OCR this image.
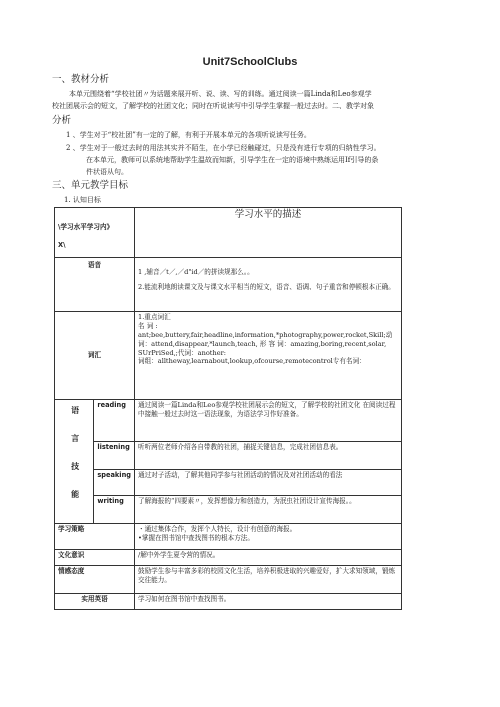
Unit7SchoolClubs
一、教材分析
本单元围绕着“学校社团〃为话题来展开听、说、读、写的训练。通过阅读一篇Linda和Leo参观学
校社团展示会的短文，了解学校的社团文化；同时在听说读写中引导学生掌握一般过去时。二、教学对象
分析
1 、学生对于“校社团”有一定的了解，有利于开展本单元的各项听说读写任务。
2 、学生对于一般过去时的用法其实并不陌生，在小学已经触碰过，只是没有进行专项的归纳性学习。
在本单元，教师可以系统地帮助学生温故而知新，引导学生在一定的语境中熟练运用If引导的条
件状语从句。
三、单元教学目标
1. 认知目标
\学习水平学习内》
X\		学习水平的描述
语音		1 ,辅音／t／,／d"id／的拼读规那么。。
2.能流利地朗读课文及与课文水平相当的短文，语音、语调、句子重音和停顿根本正确。

词汇		1.重点词汇
名 词 :
ant;bee,buttery,fair,headline,information,*photography,power,rocket,Skill;动词：attend,disappear,*launch,teach, 形 容 词：amazing,boring,recent,solar,
SUrPriSed,;代词：another:
词组：alltheway,learnabout,lookup,ofcourse,remotecontrol专有名词：

语言技能	reading	通过阅读一篇Linda和Leo参观学校社团展示会的短文，了解学校的社团文化 在阅读过程中接触一般过去时这一语法现象，为语法学习作好准备。
	listening	听听两位老师介绍各自带教的社团，捕捉关键信息，完成社团信息表。
	speaking	通过对子活动，了解其他同学参与社团活动的情况及对社团活动的看法
	writing	了解海报的“四要素〃，发挥想像力和创造力，为泯虫社团设计宣传海报。。
学习策略		・通过集体合作，发挥个人特长，设计有创意的海报。
•掌握在图书馆中查找图书的根本方法。

文化意识		/解中外学生夏令营的情况。
情感态度		鼓励学生参与丰富多彩的校园文化生活，培养积极进取的兴趣爱好，扩大求知领域，锻炼交往能力。
实用英语		学习如何在图书馆中查找图书。
